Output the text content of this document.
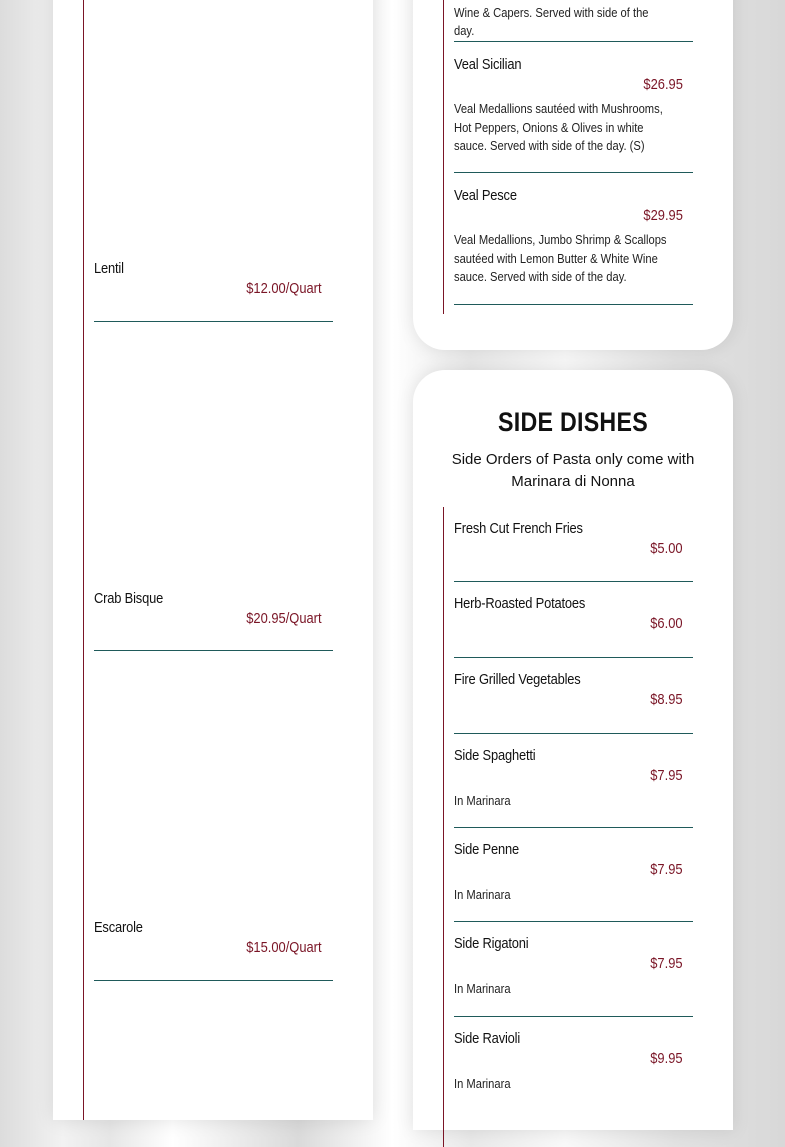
Lentil
$12.00/Quart
Crab Bisque
$20.95/Quart
Escarole
$15.00/Quart
Wine & Capers. Served with side of the day.
Veal Sicilian
$26.95
Veal Medallions sautéed with Mushrooms, Hot Peppers, Onions & Olives in white sauce. Served with side of the day. (S)
Veal Pesce
$29.95
Veal Medallions, Jumbo Shrimp & Scallops sautéed with Lemon Butter & White Wine sauce. Served with side of the day.
SIDE DISHES
Side Orders of Pasta only come with Marinara di Nonna
Fresh Cut French Fries
$5.00
Herb-Roasted Potatoes
$6.00
Fire Grilled Vegetables
$8.95
Side Spaghetti
$7.95
In Marinara
Side Penne
$7.95
In Marinara
Side Rigatoni
$7.95
In Marinara
Side Ravioli
$9.95
In Marinara
